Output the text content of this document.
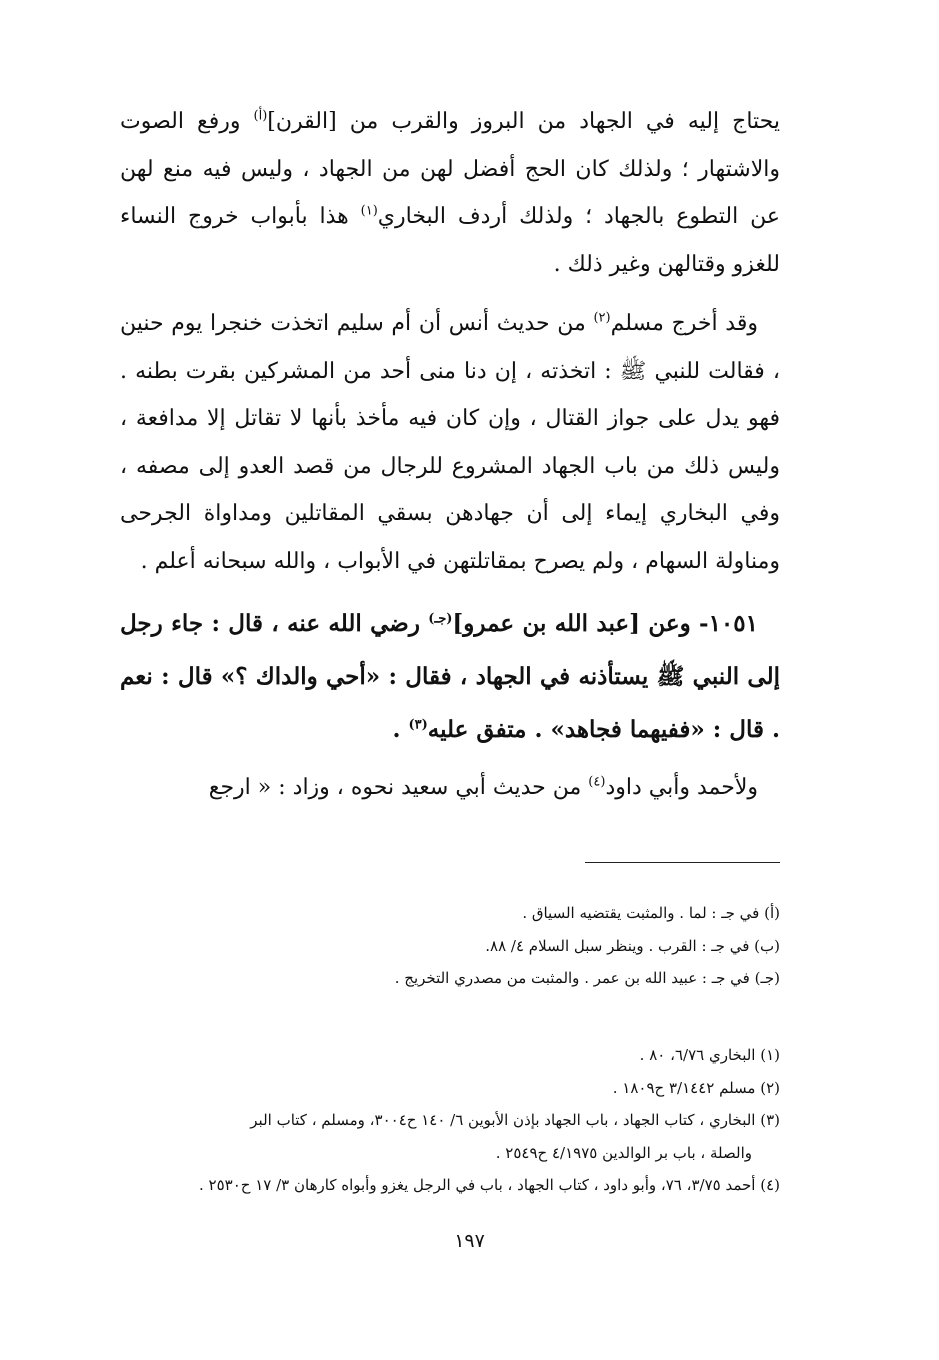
يحتاج إليه في الجهاد من البروز والقرب من [القرن]$^{(أ)}$ ورفع الصوت والاشتهار ؛ ولذلك كان الحج أفضل لهن من الجهاد ، وليس فيه منع لهن عن التطوع بالجهاد ؛ ولذلك أردف البخاري$^{(١)}$ هذا بأبواب خروج النساء للغزو وقتالهن وغير ذلك .

وقد أخرج مسلم$^{(٢)}$ من حديث أنس أن أم سليم اتخذت خنجرا يوم حنين ، فقالت للنبي ﷺ : اتخذته ، إن دنا منى أحد من المشركين بقرت بطنه . فهو يدل على جواز القتال ، وإن كان فيه مأخذ بأنها لا تقاتل إلا مدافعة ، وليس ذلك من باب الجهاد المشروع للرجال من قصد العدو إلى مصفه ، وفي البخاري إيماء إلى أن جهادهن بسقي المقاتلين ومداواة الجرحى ومناولة السهام ، ولم يصرح بمقاتلتهن في الأبواب ، والله سبحانه أعلم .

١٠٥١- وعن [عبد الله بن عمرو]$^{(جـ)}$ رضي الله عنه ، قال : جاء رجل إلى النبي ﷺ يستأذنه في الجهاد ، فقال : «أحي والداك ؟» قال : نعم . قال : «ففيهما فجاهد» . متفق عليه$^{(٣)}$ .

ولأحمد وأبي داود$^{(٤)}$ من حديث أبي سعيد نحوه ، وزاد : « ارجع

(أ) في جـ : لما . والمثبت يقتضيه السياق .
(ب) في جـ : القرب . وينظر سبل السلام ٤/ ٨٨.
(جـ) في جـ : عبيد الله بن عمر . والمثبت من مصدري التخريج .
(١) البخاري ٦/٧٦، ٨٠ .
(٢) مسلم ٣/١٤٤٢ ح١٨٠٩ .
(٣) البخاري ، كتاب الجهاد ، باب الجهاد بإذن الأبوين ٦/ ١٤٠ ح٣٠٠٤، ومسلم ، كتاب البر
والصلة ، باب بر الوالدين ٤/١٩٧٥ ح٢٥٤٩ .
(٤) أحمد ٣/٧٥، ٧٦، وأبو داود ، كتاب الجهاد ، باب في الرجل يغزو وأبواه كارهان ٣/ ١٧ ح٢٥٣٠ .
١٩٧
